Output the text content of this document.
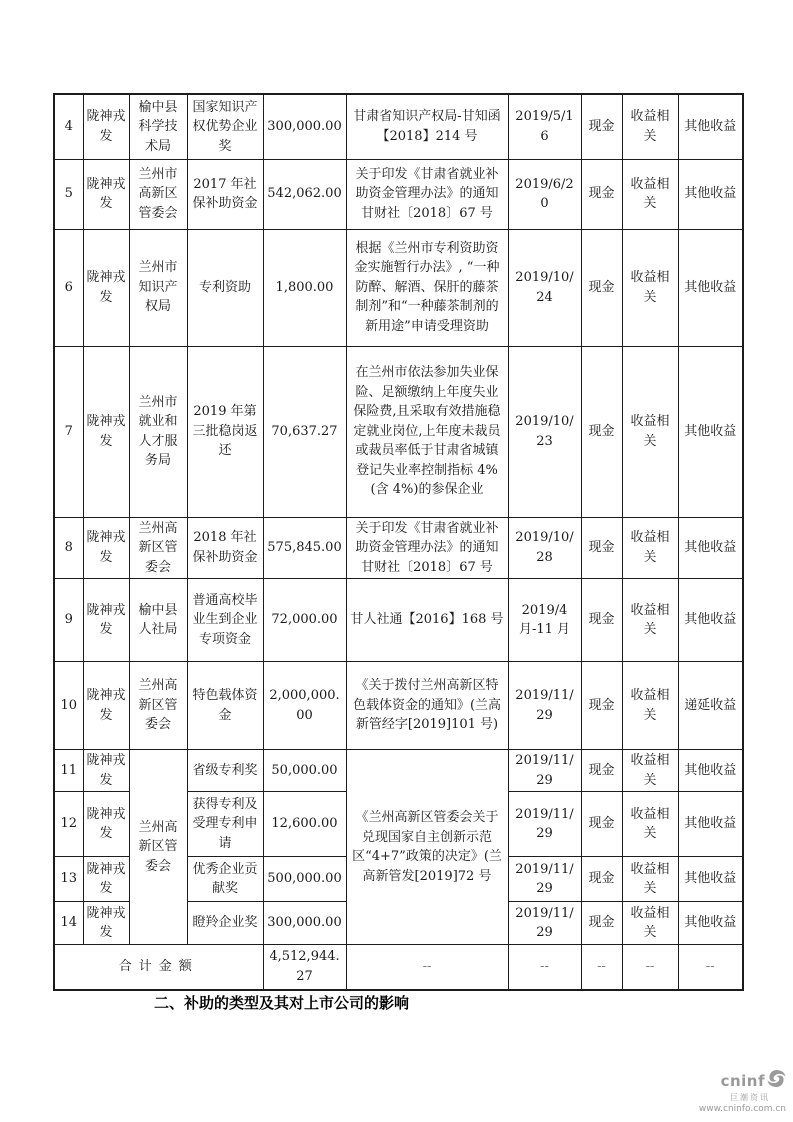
4	陇神戎发	榆中县科学技术局	国家知识产权优势企业奖	300,000.00	甘肃省知识产权局-甘知函【2018】214 号	2019/5/16	现金	收益相关	其他收益
5	陇神戎发	兰州市高新区管委会	2017 年社保补助资金	542,062.00	关于印发《甘肃省就业补助资金管理办法》的通知甘财社〔2018〕67 号	2019/6/20	现金	收益相关	其他收益
6	陇神戎发	兰州市知识产权局	专利资助	1,800.00	根据《兰州市专利资助资金实施暂行办法》, “一种防醉、解酒、保肝的藤茶制剂”和“一种藤茶制剂的新用途”申请受理资助	2019/10/24	现金	收益相关	其他收益
7	陇神戎发	兰州市就业和人才服务局	2019 年第三批稳岗返还	70,637.27	在兰州市依法参加失业保险、足额缴纳上年度失业保险费,且采取有效措施稳定就业岗位,上年度未裁员或裁员率低于甘肃省城镇登记失业率控制指标 4%(含 4%)的参保企业	2019/10/23	现金	收益相关	其他收益
8	陇神戎发	兰州高新区管委会	2018 年社保补助资金	575,845.00	关于印发《甘肃省就业补助资金管理办法》的通知甘财社〔2018〕67 号	2019/10/28	现金	收益相关	其他收益
9	陇神戎发	榆中县人社局	普通高校毕业生到企业专项资金	72,000.00	甘人社通【2016】168 号	2019/4 月-11 月	现金	收益相关	其他收益
10	陇神戎发	兰州高新区管委会	特色载体资金	2,000,000.00	《关于拨付兰州高新区特色载体资金的通知》(兰高新管经字[2019]101 号)	2019/11/29	现金	收益相关	递延收益
11	陇神戎发	兰州高新区管委会	省级专利奖	50,000.00	《兰州高新区管委会关于兑现国家自主创新示范区“4+7”政策的决定》(兰高新管发[2019]72 号	2019/11/29	现金	收益相关	其他收益
12	陇神戎发		获得专利及受理专利申请	12,600.00		2019/11/29	现金	收益相关	其他收益
13	陇神戎发		优秀企业贡献奖	500,000.00		2019/11/29	现金	收益相关	其他收益
14	陇神戎发		瞪羚企业奖	300,000.00		2019/11/29	现金	收益相关	其他收益
合计金额				4,512,944.27	--	--	--	--	--
二、补助的类型及其对上市公司的影响
cninf
巨潮资讯
www.cninfo.com.cn
